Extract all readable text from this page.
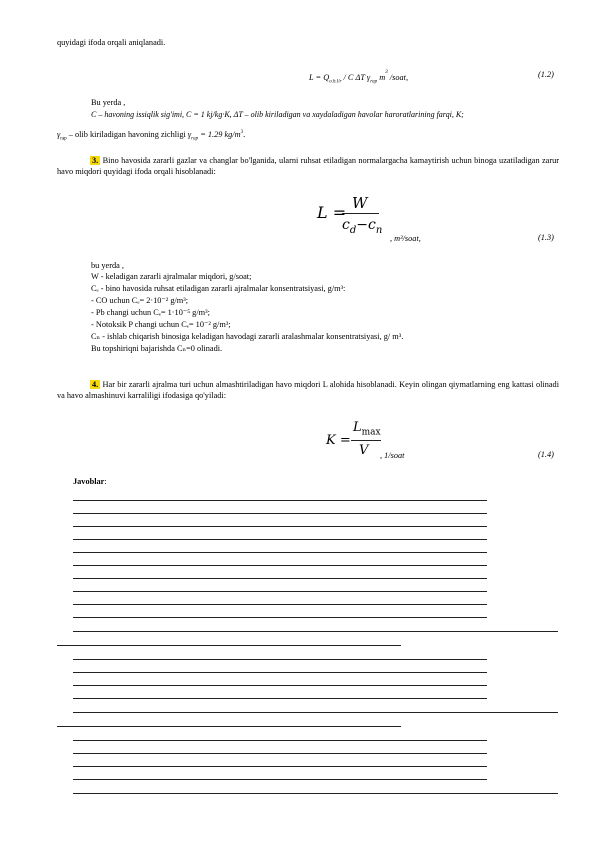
quyidagi ifoda orqali aniqlanadi.
$L = Q_{o.h.l/r} / C$ ΔT $\gamma_{rap}$ $m^3$ /soat,	(1.2)
Bu yerda ,
C – havoning issiqlik sig'imi, C = 1 kj/kg·K, ΔT – olib kiriladigan va xaydaladigan havolar haroratlarining farqi, K;
$\gamma_{rap}$ – olib kiriladigan havoning zichligi $\gamma_{rap} = 1.29$ $kg/m^3$.
3. Bino havosida zararli gazlar va changlar bo'lganida, ularni ruhsat etiladigan normalargacha kamaytirish uchun binoga uzatiladigan zarur havo miqdori quyidagi ifoda orqali hisoblanadi:
L = W
$c_d-c_n$
, m³/soat,	(1.3)
bu yerda ,
W - keladigan zararli ajralmalar miqdori, g/soat;
Cₑ - bino havosida ruhsat etiladigan zararli ajralmalar konsentratsiyasi, g/m³:
- CO uchun Cₑ= 2·10⁻² g/m³;
- Pb changi uchun Cₑ= 1·10⁻⁵ g/m³;
- Notoksik P changi uchun Cₑ= 10⁻² g/m³;
Cₙ - ishlab chiqarish binosiga keladigan havodagi zararli aralashmalar konsentratsiyasi, g/ m³.
Bu topshiriqni bajarishda Cₙ=0 olinadi.
4. Har bir zararli ajralma turi uchun almashtiriladigan havo miqdori L alohida hisoblanadi. Keyin olingan qiymatlarning eng kattasi olinadi va havo almashinuvi karraliligi ifodasiga qo'yiladi:
K =
$L_{max}$
V , 1/soat	(1.4)
Javoblar:
